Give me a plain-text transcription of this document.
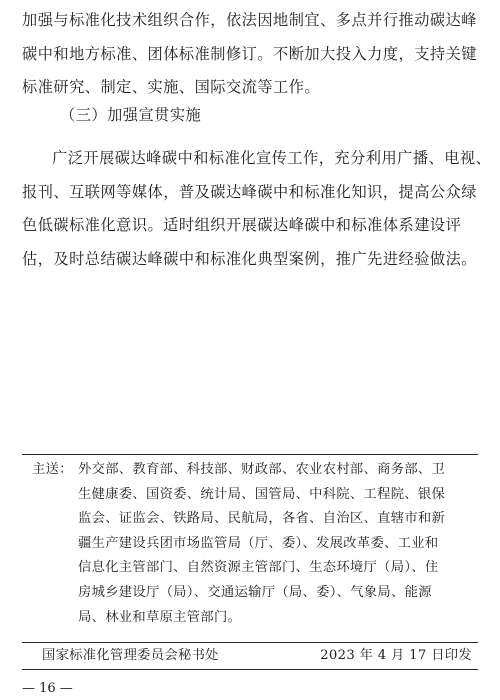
加强与标准化技术组织合作，依法因地制宜、多点并行推动碳达峰
碳中和地方标准、团体标准制修订。不断加大投入力度，支持关键
标准研究、制定、实施、国际交流等工作。
（三）加强宣贯实施
广泛开展碳达峰碳中和标准化宣传工作，充分利用广播、电视、
报刊、互联网等媒体，普及碳达峰碳中和标准化知识，提高公众绿
色低碳标准化意识。适时组织开展碳达峰碳中和标准体系建设评
估，及时总结碳达峰碳中和标准化典型案例，推广先进经验做法。
主送： 外交部、教育部、科技部、财政部、农业农村部、商务部、卫
生健康委、国资委、统计局、国管局、中科院、工程院、银保
监会、证监会、铁路局、民航局，各省、自治区、直辖市和新
疆生产建设兵团市场监管局（厅、委）、发展改革委、工业和
信息化主管部门、自然资源主管部门、生态环境厅（局）、住
房城乡建设厅（局）、交通运输厅（局、委）、气象局、能源
局、林业和草原主管部门。
国家标准化管理委员会秘书处	2023 年 4 月 17 日印发
— 16 —
